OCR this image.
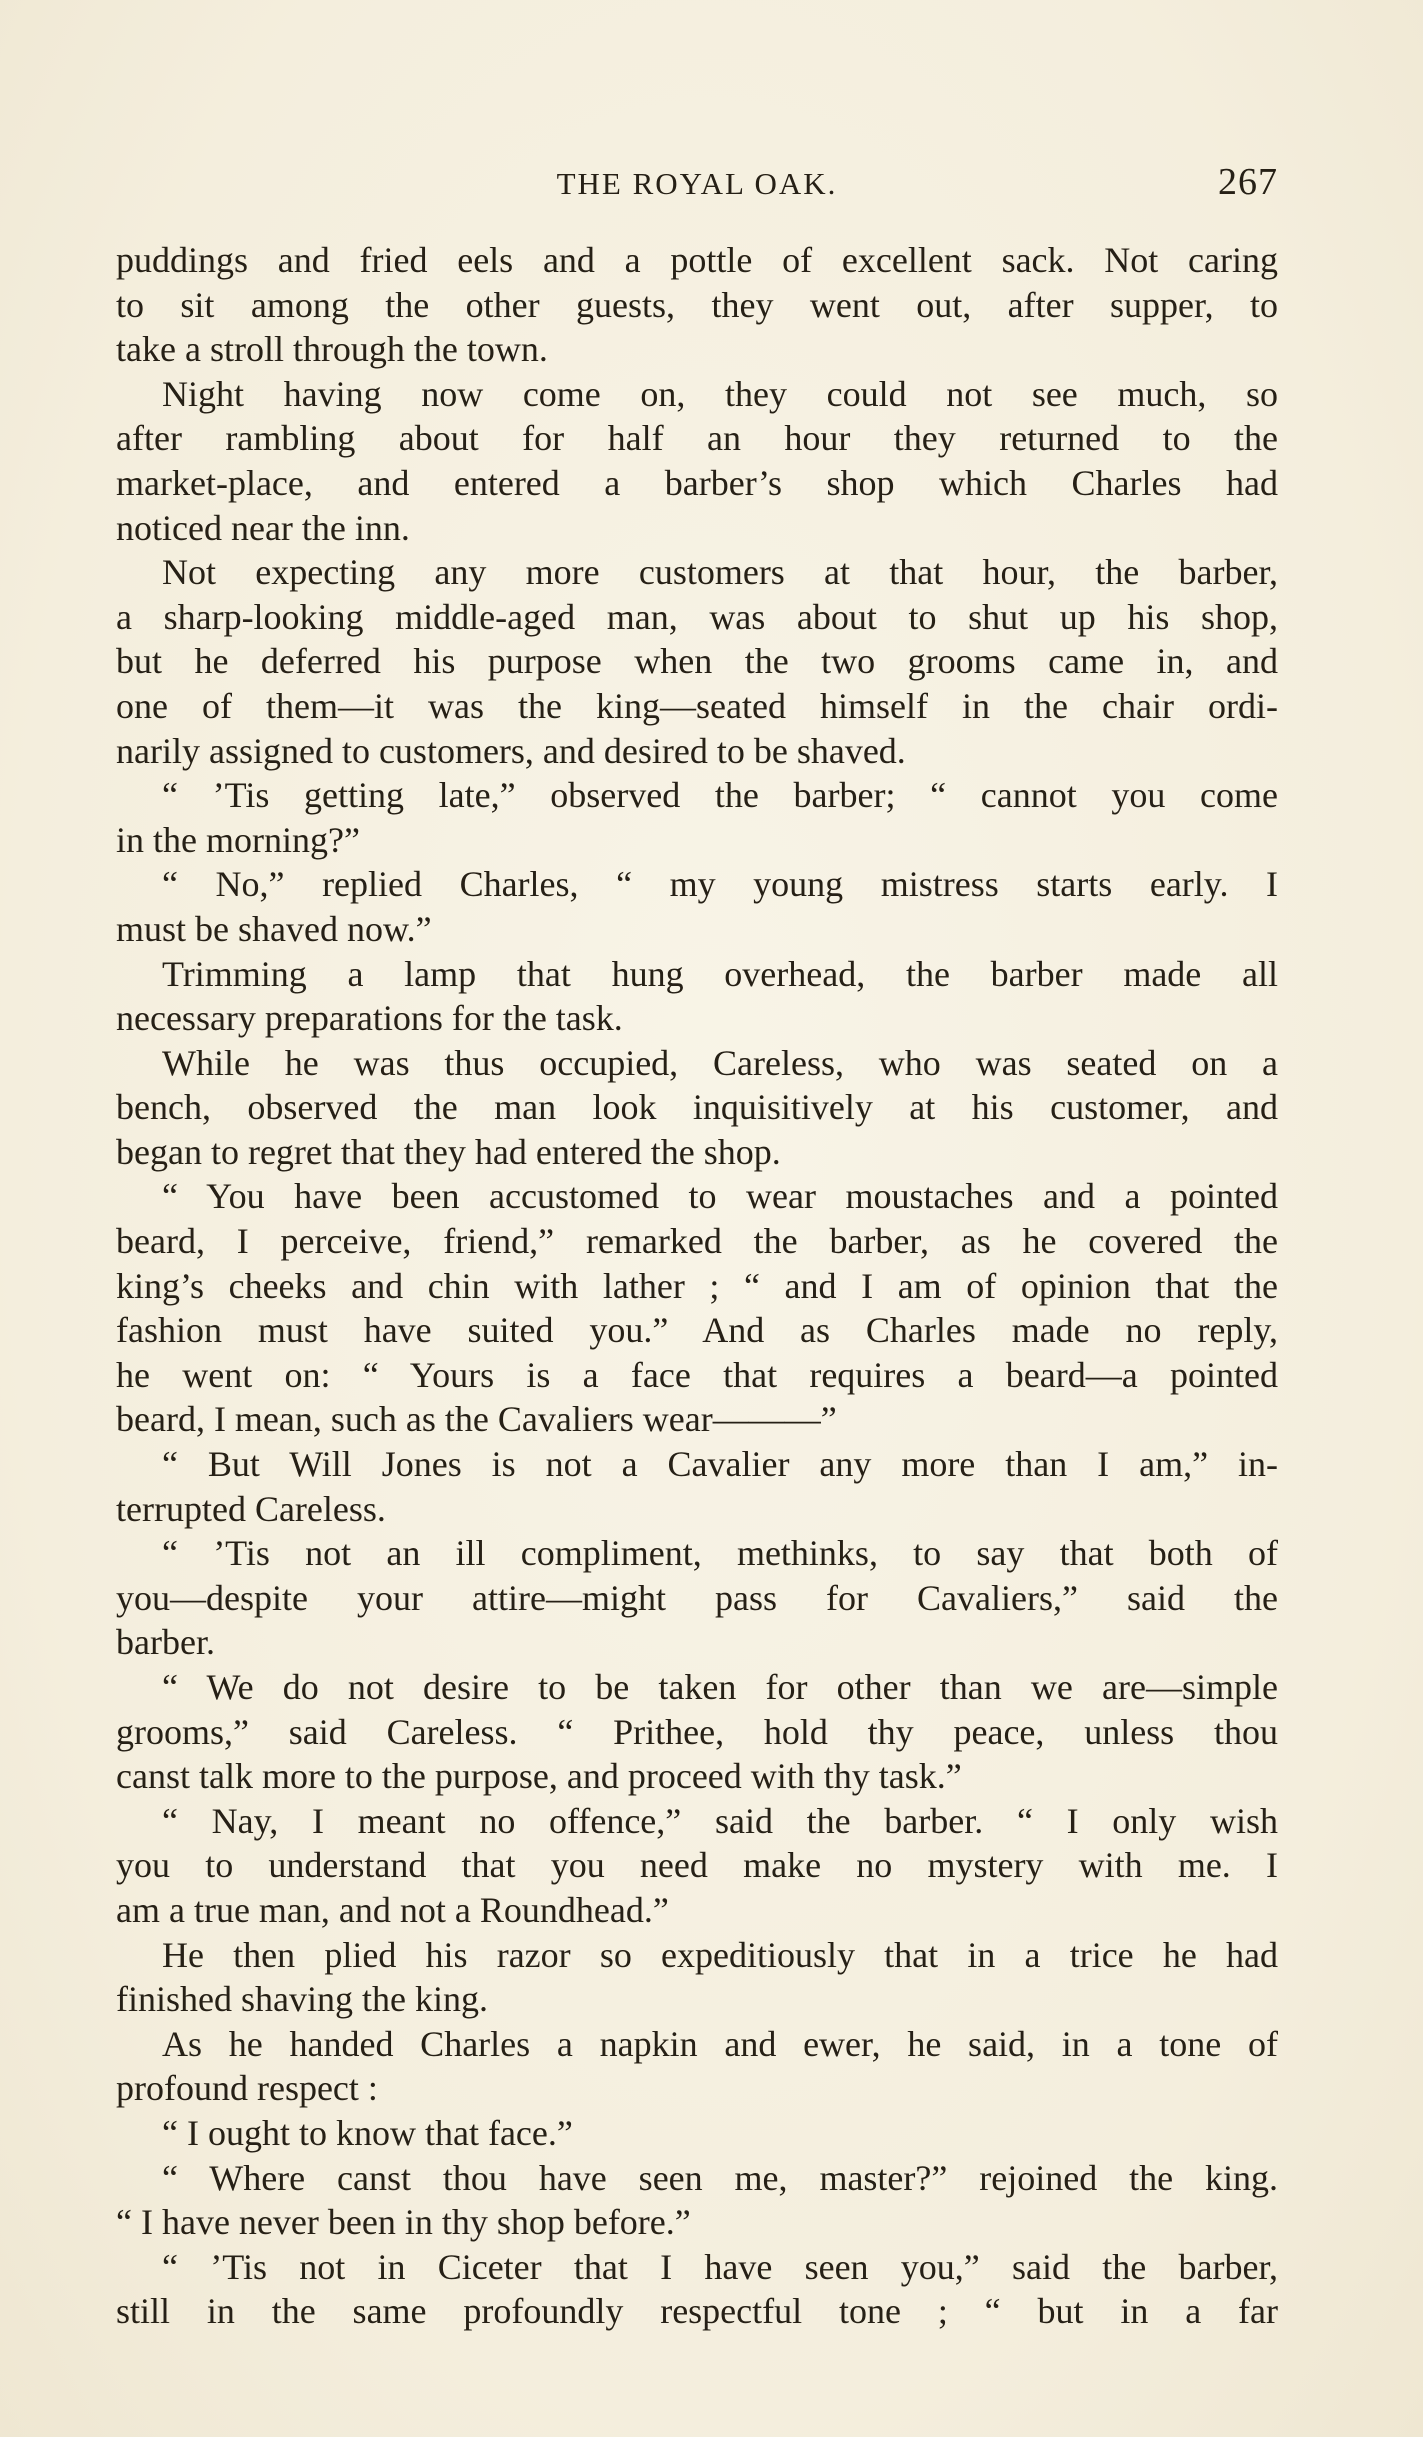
THE ROYAL OAK.	267
puddings and fried eels and a pottle of excellent sack. Not caring
to sit among the other guests, they went out, after supper, to
take a stroll through the town.
Night having now come on, they could not see much, so
after rambling about for half an hour they returned to the
market-place, and entered a barber’s shop which Charles had
noticed near the inn.
Not expecting any more customers at that hour, the barber,
a sharp-looking middle-aged man, was about to shut up his shop,
but he deferred his purpose when the two grooms came in, and
one of them—it was the king—seated himself in the chair ordi-
narily assigned to customers, and desired to be shaved.
“ ’Tis getting late,” observed the barber; “ cannot you come
in the morning?”
“ No,” replied Charles, “ my young mistress starts early. I
must be shaved now.”
Trimming a lamp that hung overhead, the barber made all
necessary preparations for the task.
While he was thus occupied, Careless, who was seated on a
bench, observed the man look inquisitively at his customer, and
began to regret that they had entered the shop.
“ You have been accustomed to wear moustaches and a pointed
beard, I perceive, friend,” remarked the barber, as he covered the
king’s cheeks and chin with lather ; “ and I am of opinion that the
fashion must have suited you.” And as Charles made no reply,
he went on: “ Yours is a face that requires a beard—a pointed
beard, I mean, such as the Cavaliers wear———”
“ But Will Jones is not a Cavalier any more than I am,” in-
terrupted Careless.
“ ’Tis not an ill compliment, methinks, to say that both of
you—despite your attire—might pass for Cavaliers,” said the
barber.
“ We do not desire to be taken for other than we are—simple
grooms,” said Careless. “ Prithee, hold thy peace, unless thou
canst talk more to the purpose, and proceed with thy task.”
“ Nay, I meant no offence,” said the barber. “ I only wish
you to understand that you need make no mystery with me. I
am a true man, and not a Roundhead.”
He then plied his razor so expeditiously that in a trice he had
finished shaving the king.
As he handed Charles a napkin and ewer, he said, in a tone of
profound respect :
“ I ought to know that face.”
“ Where canst thou have seen me, master?” rejoined the king.
“ I have never been in thy shop before.”
“ ’Tis not in Ciceter that I have seen you,” said the barber,
still in the same profoundly respectful tone ; “ but in a far
